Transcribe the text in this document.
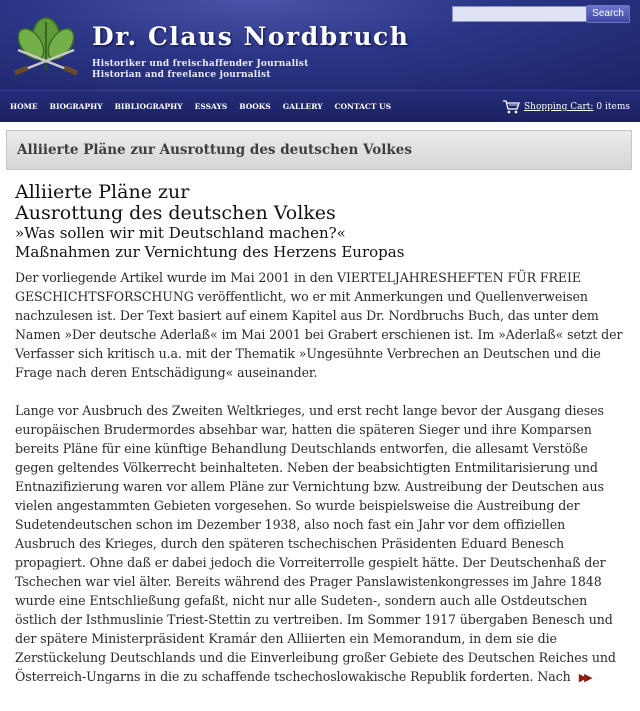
Dr. Claus Nordbruch
Historiker und freischaffender Journalist
Historian and freelance journalist
Search
HOME BIOGRAPHY BIBLIOGRAPHY ESSAYS BOOKS GALLERY CONTACT US	Shopping Cart: 0 items
Alliierte Pläne zur Ausrottung des deutschen Volkes
Alliierte Pläne zur
Ausrottung des deutschen Volkes
»Was sollen wir mit Deutschland machen?«
Maßnahmen zur Vernichtung des Herzens Europas

Der vorliegende Artikel wurde im Mai 2001 in den VIERTELJAHRESHEFTEN FÜR FREIE GESCHICHTSFORSCHUNG veröffentlicht, wo er mit Anmerkungen und Quellenverweisen nachzulesen ist. Der Text basiert auf einem Kapitel aus Dr. Nordbruchs Buch, das unter dem Namen »Der deutsche Aderlaß« im Mai 2001 bei Grabert erschienen ist. Im »Aderlaß« setzt der Verfasser sich kritisch u.a. mit der Thematik »Ungesühnte Verbrechen an Deutschen und die Frage nach deren Entschädigung« auseinander.

Lange vor Ausbruch des Zweiten Weltkrieges, und erst recht lange bevor der Ausgang dieses europäischen Brudermordes absehbar war, hatten die späteren Sieger und ihre Komparsen bereits Pläne für eine künftige Behandlung Deutschlands entworfen, die allesamt Verstöße gegen geltendes Völkerrecht beinhalteten. Neben der beabsichtigten Entmilitarisierung und Entnazifizierung waren vor allem Pläne zur Vernichtung bzw. Austreibung der Deutschen aus vielen angestammten Gebieten vorgesehen. So wurde beispielsweise die Austreibung der Sudetendeutschen schon im Dezember 1938, also noch fast ein Jahr vor dem offiziellen Ausbruch des Krieges, durch den späteren tschechischen Präsidenten Eduard Benesch propagiert. Ohne daß er dabei jedoch die Vorreiterrolle gespielt hätte. Der Deutschenhaß der Tschechen war viel älter. Bereits während des Prager Panslawistenkongresses im Jahre 1848 wurde eine Entschließung gefaßt, nicht nur alle Sudeten-, sondern auch alle Ostdeutschen östlich der Isthmuslinie Triest-Stettin zu vertreiben. Im Sommer 1917 übergaben Benesch und der spätere Ministerpräsident Kramár den Alliierten ein Memorandum, in dem sie die Zerstückelung Deutschlands und die Einverleibung großer Gebiete des Deutschen Reiches und Österreich-Ungarns in die zu schaffende tschechoslowakische Republik forderten. Nach ▶▶
